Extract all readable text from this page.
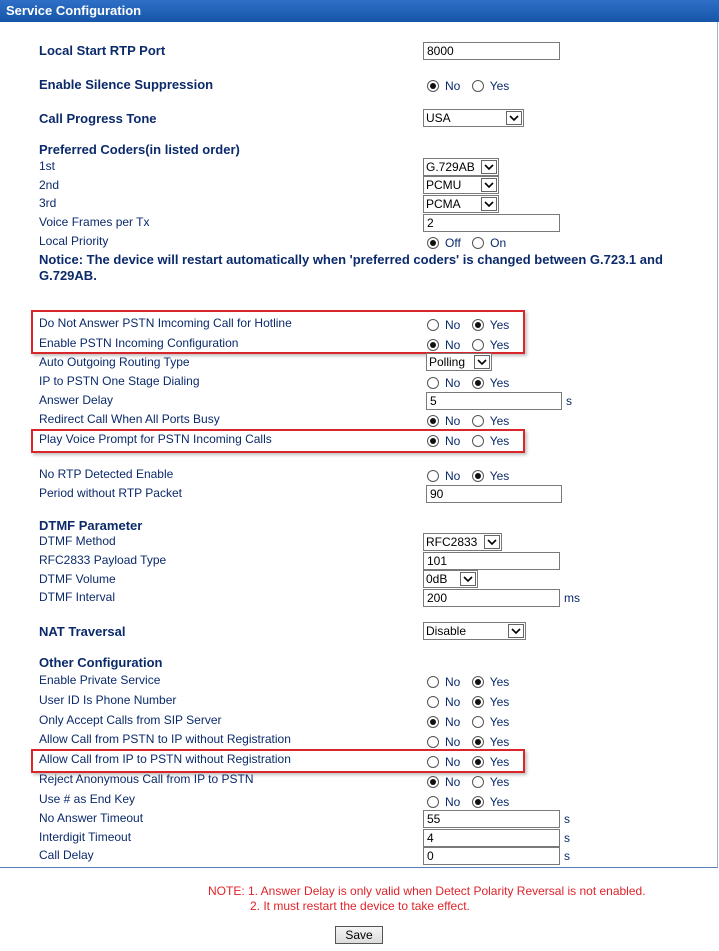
Service Configuration
Local Start RTP Port	8000
Enable Silence Suppression	No Yes
Call Progress Tone	USA
Preferred Coders(in listed order)
1st	G.729AB
2nd	PCMU
3rd	PCMA
Voice Frames per Tx	2
Local Priority	Off On
Notice: The device will restart automatically when 'preferred coders' is changed between G.723.1 and G.729AB.
Do Not Answer PSTN Imcoming Call for Hotline	No Yes
Enable PSTN Incoming Configuration	No Yes
Auto Outgoing Routing Type	Polling
IP to PSTN One Stage Dialing	No Yes
Answer Delay	5	s
Redirect Call When All Ports Busy	No Yes
Play Voice Prompt for PSTN Incoming Calls	No Yes
No RTP Detected Enable	No Yes
Period without RTP Packet	90
DTMF Parameter
DTMF Method	RFC2833
RFC2833 Payload Type	101
DTMF Volume	0dB
DTMF Interval	200	ms
NAT Traversal	Disable
Other Configuration
Enable Private Service	No Yes
User ID Is Phone Number	No Yes
Only Accept Calls from SIP Server	No Yes
Allow Call from PSTN to IP without Registration	No Yes
Allow Call from IP to PSTN without Registration	No Yes
Reject Anonymous Call from IP to PSTN	No Yes
Use # as End Key	No Yes
No Answer Timeout	55	s
Interdigit Timeout	4	s
Call Delay	0	s
NOTE: 1. Answer Delay is only valid when Detect Polarity Reversal is not enabled.
2. It must restart the device to take effect.
Save
